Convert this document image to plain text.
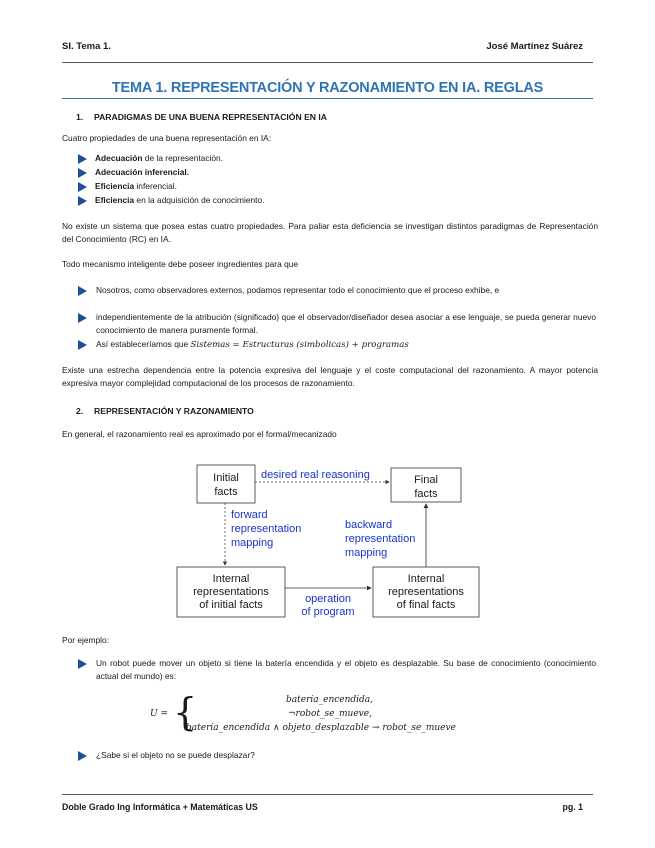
SI. Tema 1.	José Martínez Suárez
TEMA 1. REPRESENTACIÓN Y RAZONAMIENTO EN IA. REGLAS
1. PARADIGMAS DE UNA BUENA REPRESENTACIÓN EN IA
Cuatro propiedades de una buena representación en IA:
Adecuación de la representación.
Adecuación inferencial.
Eficiencia inferencial.
Eficiencia en la adquisición de conocimiento.
No existe un sistema que posea estas cuatro propiedades. Para paliar esta deficiencia se investigan distintos paradigmas de Representación del Conocimiento (RC) en IA.
Todo mecanismo inteligente debe poseer ingredientes para que
Nosotros, como observadores externos, podamos representar todo el conocimiento que el proceso exhibe, e
independientemente de la atribución (significado) que el observador/diseñador desea asociar a ese lenguaje, se pueda generar nuevo conocimiento de manera puramente formal.
Así estableceríamos que Sistemas = Estructuras (simbolicas) + programas
Existe una estrecha dependencia entre la potencia expresiva del lenguaje y el coste computacional del razonamiento. A mayor potencia expresiva mayor complejidad computacional de los procesos de razonamiento.
2. REPRESENTACIÓN Y RAZONAMIENTO
En general, el razonamiento real es aproximado por el formal/mecanizado
Initial
facts
Final
facts
Internal
representations
of initial facts
Internal
representations
of final facts
desired real reasoning
forward
representation
mapping
backward
representation
mapping
operation
of program
Por ejemplo:
Un robot puede mover un objeto si tiene la batería encendida y el objeto es desplazable. Su base de conocimiento (conocimiento actual del mundo) es:
U = {	bateria_encendida,
¬robot_se_mueve,
bateria_encendida ∧ objeto_desplazable → robot_se_mueve
¿Sabe si el objeto no se puede desplazar?
Doble Grado Ing Informática + Matemáticas US	pg. 1
